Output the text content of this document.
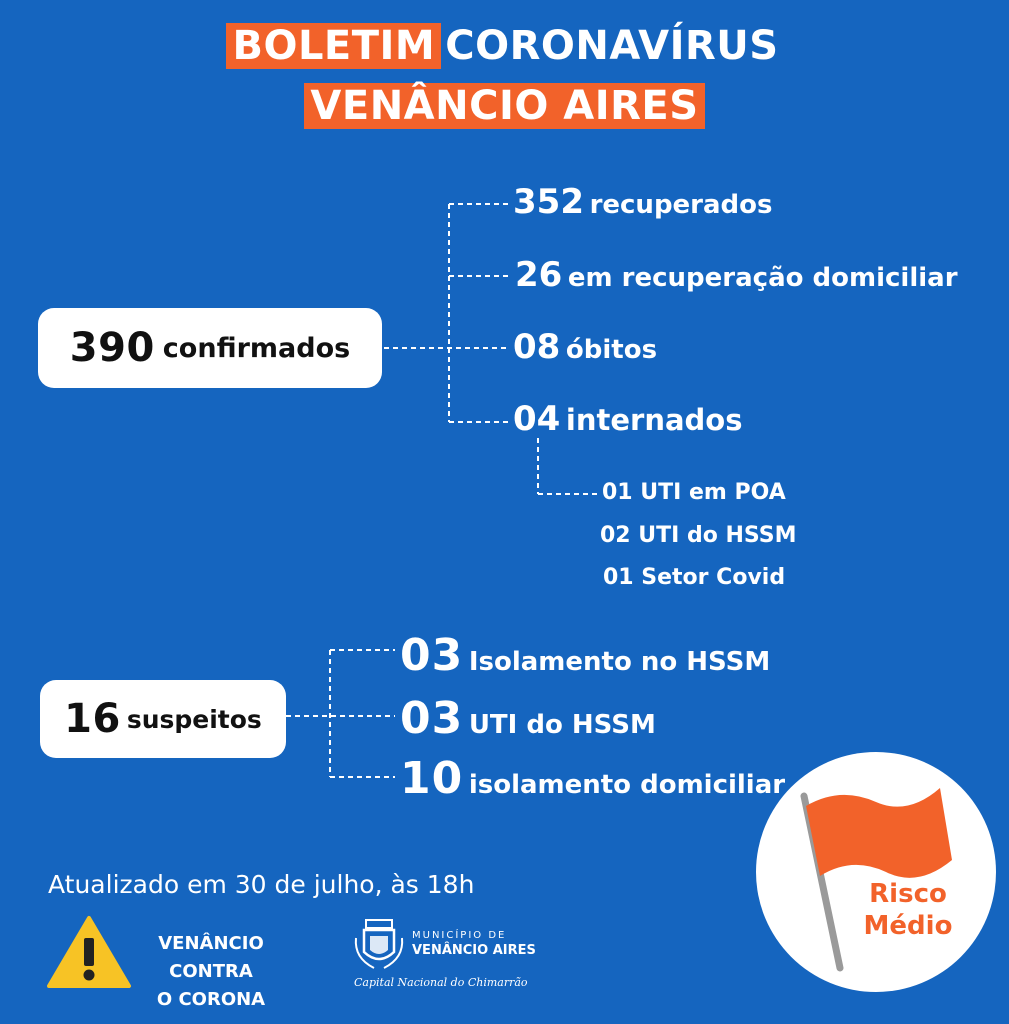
BOLETIM CORONAVÍRUS
VENÂNCIO AIRES
390 confirmados
352 recuperados
26 em recuperação domiciliar
08 óbitos
04 internados
01 UTI em POA
02 UTI do HSSM
01 Setor Covid
16 suspeitos
03 Isolamento no HSSM
03 UTI do HSSM
10 isolamento domiciliar
Atualizado em 30 de julho, às 18h
VENÂNCIO CONTRA
O CORONA
MUNICÍPIO DE
VENÂNCIO AIRES
Capital Nacional do Chimarrão
Risco
Médio
